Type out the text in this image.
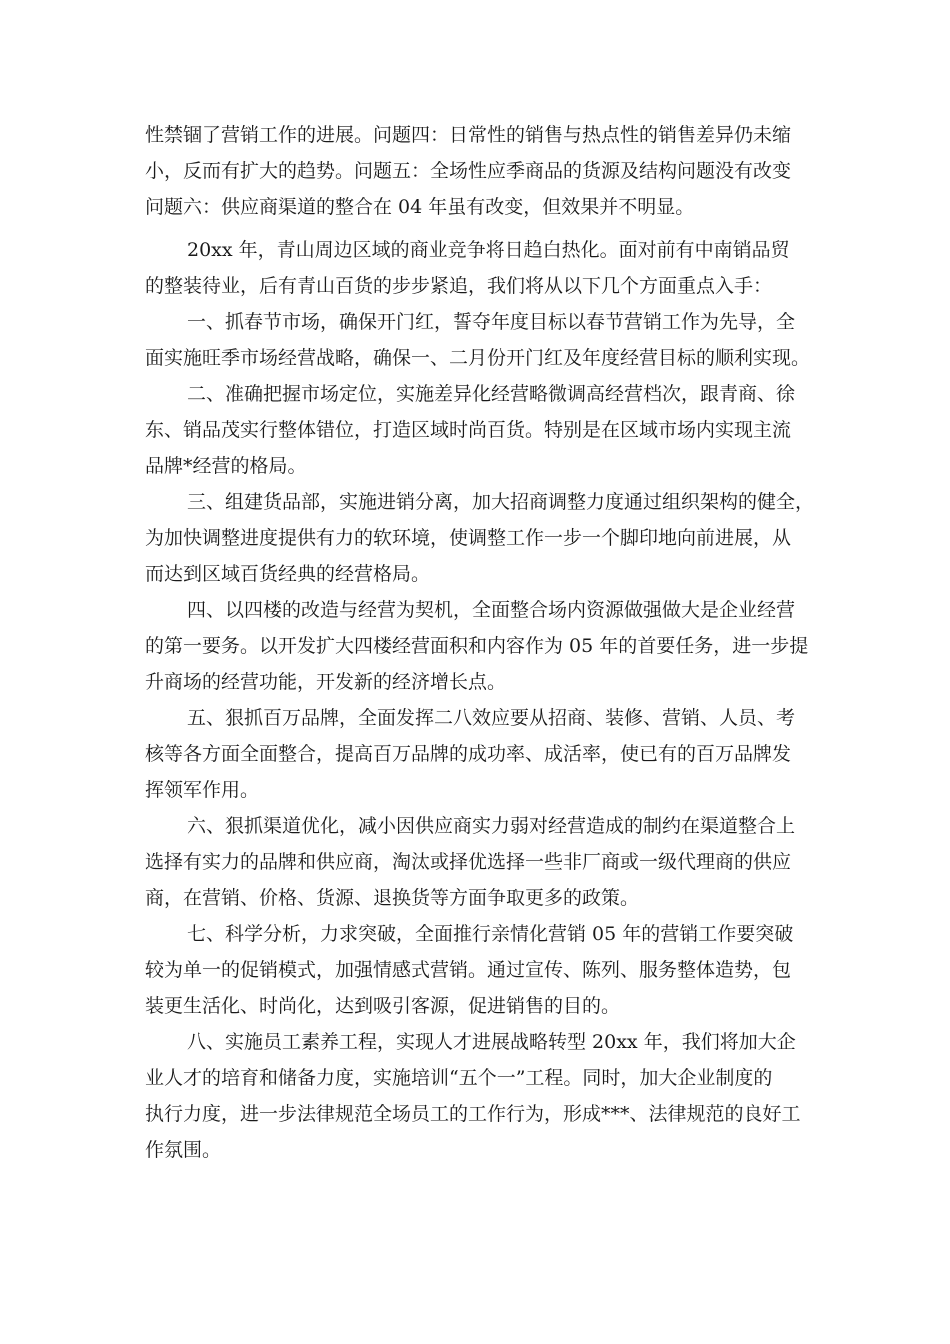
性禁锢了营销工作的进展。问题四：日常性的销售与热点性的销售差异仍未缩
小，反而有扩大的趋势。问题五：全场性应季商品的货源及结构问题没有改变
问题六：供应商渠道的整合在 04 年虽有改变，但效果并不明显。
20xx 年，青山周边区域的商业竞争将日趋白热化。面对前有中南销品贸
的整装待业，后有青山百货的步步紧追，我们将从以下几个方面重点入手：
一、抓春节市场，确保开门红，誓夺年度目标以春节营销工作为先导，全
面实施旺季市场经营战略，确保一、二月份开门红及年度经营目标的顺利实现。
二、准确把握市场定位，实施差异化经营略微调高经营档次，跟青商、徐
东、销品茂实行整体错位，打造区域时尚百货。特别是在区域市场内实现主流
品牌*经营的格局。
三、组建货品部，实施进销分离，加大招商调整力度通过组织架构的健全，
为加快调整进度提供有力的软环境，使调整工作一步一个脚印地向前进展，从
而达到区域百货经典的经营格局。
四、以四楼的改造与经营为契机，全面整合场内资源做强做大是企业经营
的第一要务。以开发扩大四楼经营面积和内容作为 05 年的首要任务，进一步提
升商场的经营功能，开发新的经济增长点。
五、狠抓百万品牌，全面发挥二八效应要从招商、装修、营销、人员、考
核等各方面全面整合，提高百万品牌的成功率、成活率，使已有的百万品牌发
挥领军作用。
六、狠抓渠道优化，减小因供应商实力弱对经营造成的制约在渠道整合上
选择有实力的品牌和供应商，淘汰或择优选择一些非厂商或一级代理商的供应
商，在营销、价格、货源、退换货等方面争取更多的政策。
七、科学分析，力求突破，全面推行亲情化营销 05 年的营销工作要突破
较为单一的促销模式，加强情感式营销。通过宣传、陈列、服务整体造势，包
装更生活化、时尚化，达到吸引客源，促进销售的目的。
八、实施员工素养工程，实现人才进展战略转型 20xx 年，我们将加大企
业人才的培育和储备力度，实施培训“五个一”工程。同时，加大企业制度的
执行力度，进一步法律规范全场员工的工作行为，形成***、法律规范的良好工
作氛围。
